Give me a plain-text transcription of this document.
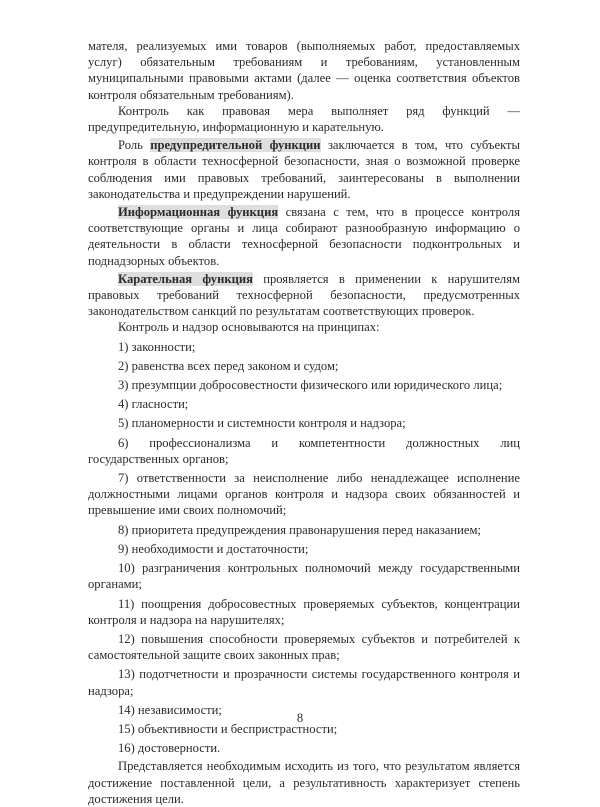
мателя, реализуемых ими товаров (выполняемых работ, предоставляемых услуг) обязательным требованиям и требованиям, установленным муниципальными правовыми актами (далее — оценка соответствия объектов контроля обязательным требованиям).

Контроль как правовая мера выполняет ряд функций — предупредительную, информационную и карательную.

Роль предупредительной функции заключается в том, что субъекты контроля в области техносферной безопасности, зная о возможной проверке соблюдения ими правовых требований, заинтересованы в выполнении законодательства и предупреждении нарушений.

Информационная функция связана с тем, что в процессе контроля соответствующие органы и лица собирают разнообразную информацию о деятельности в области техносферной безопасности подконтрольных и поднадзорных объектов.

Карательная функция проявляется в применении к нарушителям правовых требований техносферной безопасности, предусмотренных законодательством санкций по результатам соответствующих проверок.

Контроль и надзор основываются на принципах:

1) законности;

2) равенства всех перед законом и судом;

3) презумпции добросовестности физического или юридического лица;

4) гласности;

5) планомерности и системности контроля и надзора;

6) профессионализма и компетентности должностных лиц государственных органов;

7) ответственности за неисполнение либо ненадлежащее исполнение должностными лицами органов контроля и надзора своих обязанностей и превышение ими своих полномочий;

8) приоритета предупреждения правонарушения перед наказанием;

9) необходимости и достаточности;

10) разграничения контрольных полномочий между государственными органами;

11) поощрения добросовестных проверяемых субъектов, концентрации контроля и надзора на нарушителях;

12) повышения способности проверяемых субъектов и потребителей к самостоятельной защите своих законных прав;

13) подотчетности и прозрачности системы государственного контроля и надзора;

14) независимости;

15) объективности и беспристрастности;

16) достоверности.

Представляется необходимым исходить из того, что результатом является достижение поставленной цели, а результативность характеризует степень достижения цели.

8
